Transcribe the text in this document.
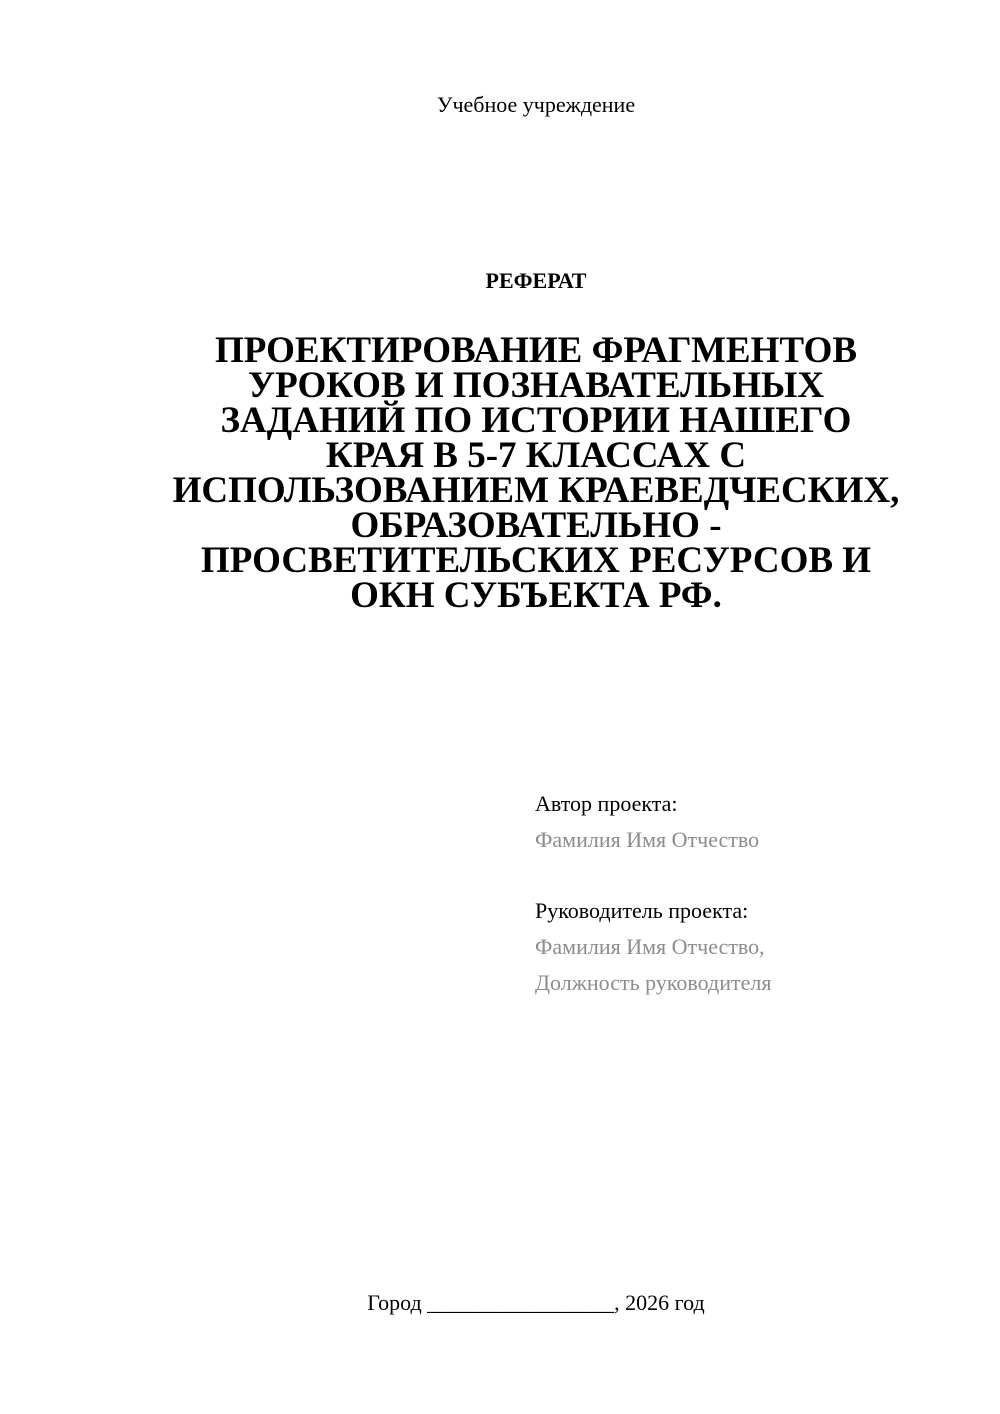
Учебное учреждение
РЕФЕРАТ
ПРОЕКТИРОВАНИЕ ФРАГМЕНТОВ
УРОКОВ И ПОЗНАВАТЕЛЬНЫХ
ЗАДАНИЙ ПО ИСТОРИИ НАШЕГО
КРАЯ В 5-7 КЛАССАХ С
ИСПОЛЬЗОВАНИЕМ КРАЕВЕДЧЕСКИХ,
ОБРАЗОВАТЕЛЬНО -
ПРОСВЕТИТЕЛЬСКИХ РЕСУРСОВ И
ОКН СУБЪЕКТА РФ.
Автор проекта:
Фамилия Имя Отчество
Руководитель проекта:
Фамилия Имя Отчество,
Должность руководителя
Город _________________, 2026 год
